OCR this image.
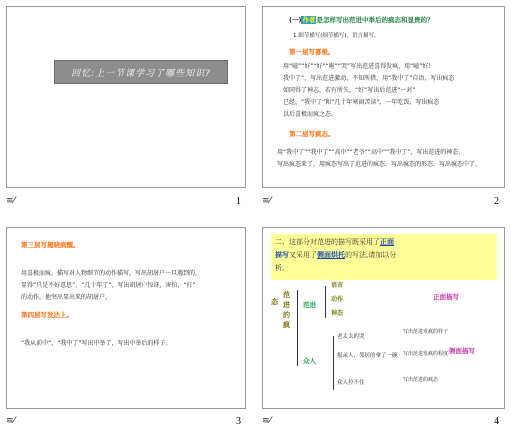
回忆:上一节课学习了哪些知识?
≡⁄	1
(一)作者是怎样写出范进中举后的疯态和显贵的？
1.细节描写(细节描写)、语言描写。
第一层写喜极。
用“噫”“好”“好”“啦”“哭”写出范进喜得发疯，用“噫”好！
我中了”，写出范进激动，不知所措，用“我中了”自语，写出疯态
如同得了神志，若有所失，“好”写出后范进“一对”
已经，“我中了”和“几十年寒窗苦读”，一年吃饭，写出疯态
以后喜极而疯之态。
第二层写疯态。
用“我中了”“我中了”“高中”“老爷”“高中”“我中了”，写出范进的神态，
写出疯态来了，用疯态写出了范进的疯态，写出疯态的形态，写出疯态中了，
≡⁄	2
第三层写揭晓疯醒。
用喜极而疯，描写对人物细节的动作描写，写出胡屠户一旦遇到的，
显得“只是不好意思”，“几十年了”，写出胡屠户惊讶，害怕，“打”
的动作，他突出显出来的胡屠户。
第四层写发达上。
“我从前中”，“我中了”写出中举了，写出中举后的样子。
≡⁄	3
二、这部分对范进的描写既采用了正面
描写又采用了侧面烘托的写法,请加以分
析。
态
范进的疯
范进
语言
动作
神态
正面描写
众人
老太太的哭
写出范进发疯的样子
报录人，邻居的拿了一碗 写出范进发疯的程度
众人拉不住	写出范进的疯态
侧面描写
≡⁄	4
